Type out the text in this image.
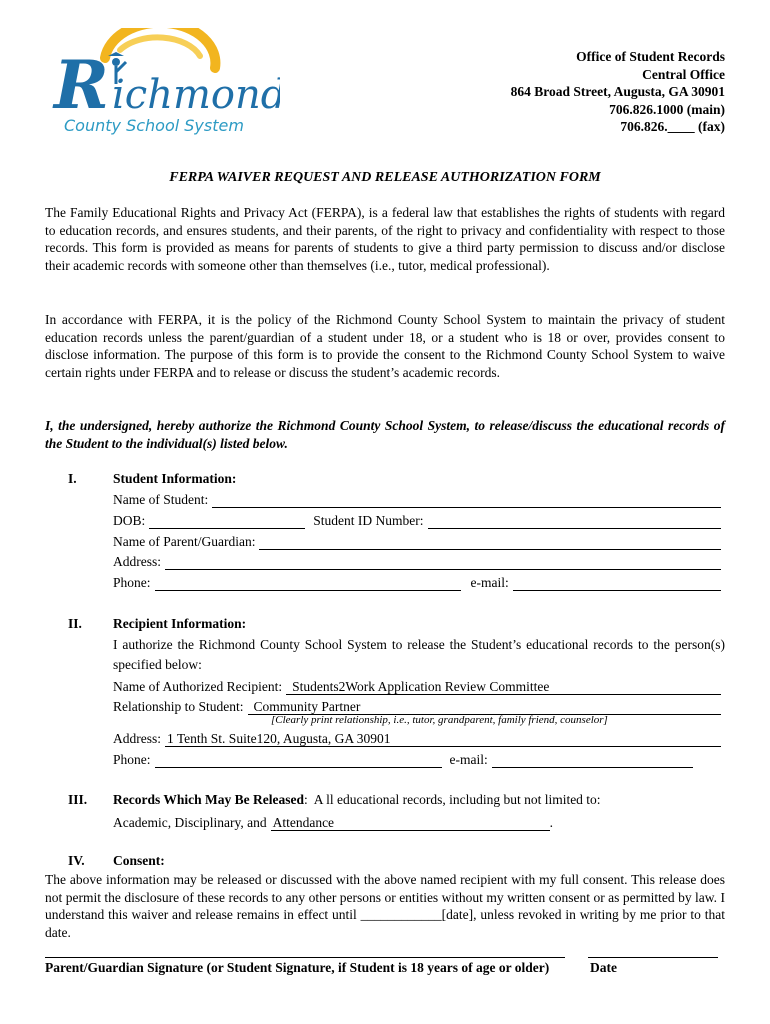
R ichmond
County School System
Office of Student Records
Central Office
864 Broad Street, Augusta, GA 30901
706.826.1000 (main)
706.826.____ (fax)
FERPA WAIVER REQUEST AND RELEASE AUTHORIZATION FORM
The Family Educational Rights and Privacy Act (FERPA), is a federal law that establishes the rights of students with regard to education records, and ensures students, and their parents, of the right to privacy and confidentiality with respect to those records. This form is provided as means for parents of students to give a third party permission to discuss and/or disclose their academic records with someone other than themselves (i.e., tutor, medical professional).
In accordance with FERPA, it is the policy of the Richmond County School System to maintain the privacy of student education records unless the parent/guardian of a student under 18, or a student who is 18 or over, provides consent to disclose information. The purpose of this form is to provide the consent to the Richmond County School System to waive certain rights under FERPA and to release or discuss the student’s academic records.
I, the undersigned, hereby authorize the Richmond County School System, to release/discuss the educational records of the Student to the individual(s) listed below.
I.	Student Information:
Name of Student:
DOB:	Student ID Number:
Name of Parent/Guardian:
Address:
Phone:	e-mail:
II. Recipient Information:
I authorize the Richmond County School System to release the Student’s educational records to the person(s) specified below:
Name of Authorized Recipient: Students2Work Application Review Committee
Relationship to Student: Community Partner
[Clearly print relationship, i.e., tutor, grandparent, family friend, counselor]
Address: 1 Tenth St. Suite120, Augusta, GA 30901
Phone:	e-mail:
III. Records Which May Be Released :  A ll educational records, including but not limited to:
Academic, Disciplinary, and Attendance	.
IV. Consent:
The above information may be released or discussed with the above named recipient with my full consent. This release does not permit the disclosure of these records to any other persons or entities without my written consent or as permitted by law. I understand this waiver and release remains in effect until ____________[date], unless revoked in writing by me prior to that date.
Parent/Guardian Signature (or Student Signature, if Student is 18 years of age or older)	Date
